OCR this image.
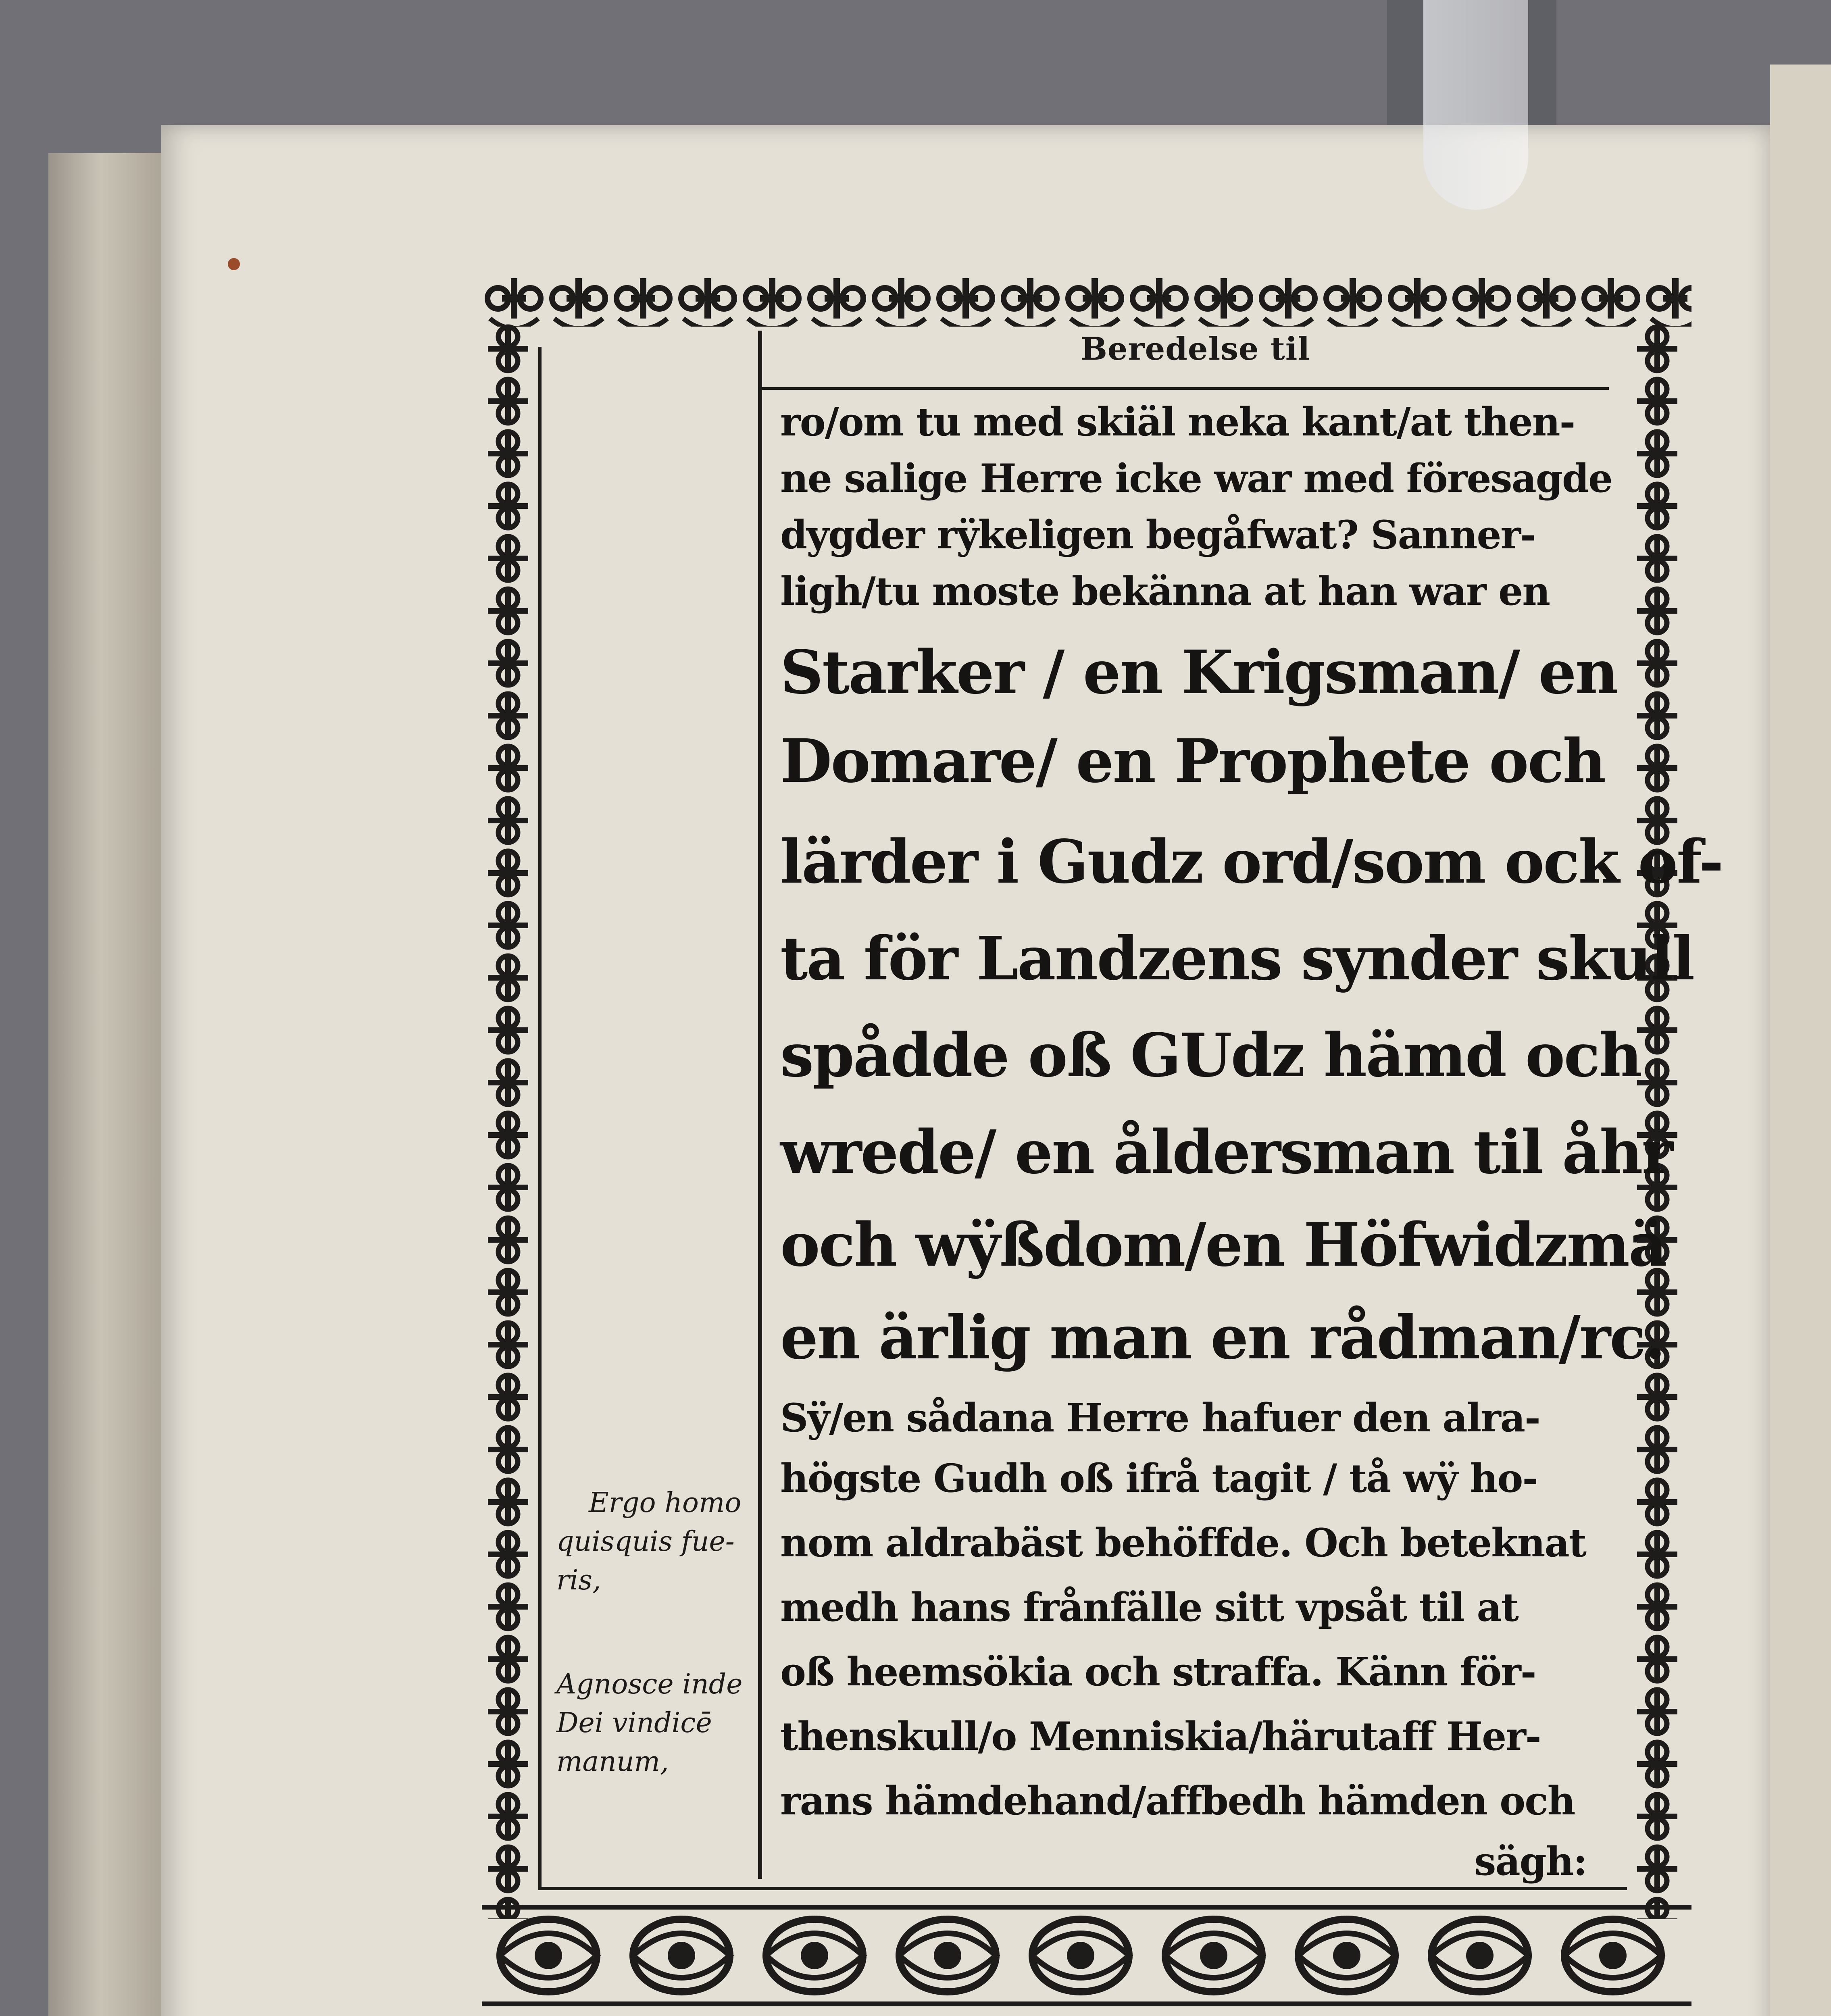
Beredelse til
ro/om tu med skiäl neka kant/at then-
ne salige Herre icke war med föresagde
dygder rÿkeligen begåfwat? Sanner-
ligh/tu moste bekänna at han war en
Starker / en Krigsman/ en
Domare/ en Prophete och
lärder i Gudz ord/som ock of-
ta för Landzens synder skull
spådde oß GUdz hämd och
wrede/ en åldersman til åhr
och wÿßdom/en Höfwidzmä
en ärlig man en rådman/rc.
Sÿ/en sådana Herre hafuer den alra-
högste Gudh oß ifrå tagit / tå wÿ ho-
nom aldrabäst behöffde. Och beteknat
medh hans frånfälle sitt vpsåt til at
oß heemsökia och straffa. Känn för-
thenskull/o Menniskia/härutaff Her-
rans hämdehand/affbedh hämden och
sägh:
Ergo homo
quisquis fue-
ris,
Agnosce inde
Dei vindicē
manum,
